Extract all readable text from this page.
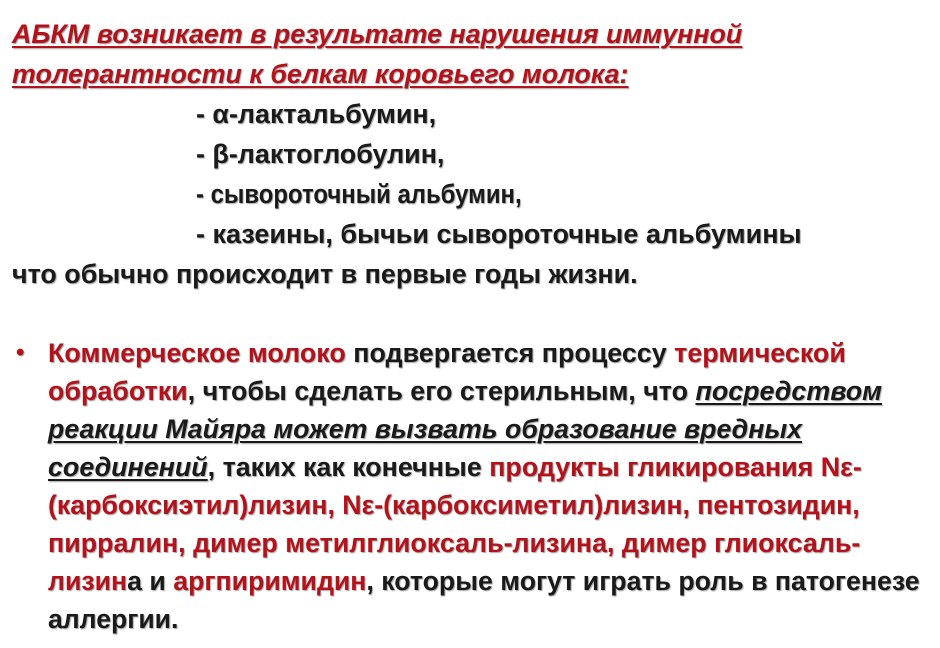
АБКМ возникает в результате нарушения иммунной
толерантности к белкам коровьего молока:
- α-лактальбумин,
- β-лактоглобулин,
- сывороточный альбумин,
- казеины, бычьи сывороточные альбумины
что обычно происходит в первые годы жизни.
• Коммерческое молоко подвергается процессу термической
обработки, чтобы сделать его стерильным, что посредством
реакции Майяра может вызвать образование вредных
соединений, таких как конечные продукты гликирования Nε-
(карбоксиэтил)лизин, Nε-(карбоксиметил)лизин, пентозидин,
пирралин, димер метилглиоксаль-лизина, димер глиоксаль-
лизина и аргпиримидин, которые могут играть роль в патогенезе
аллергии.
